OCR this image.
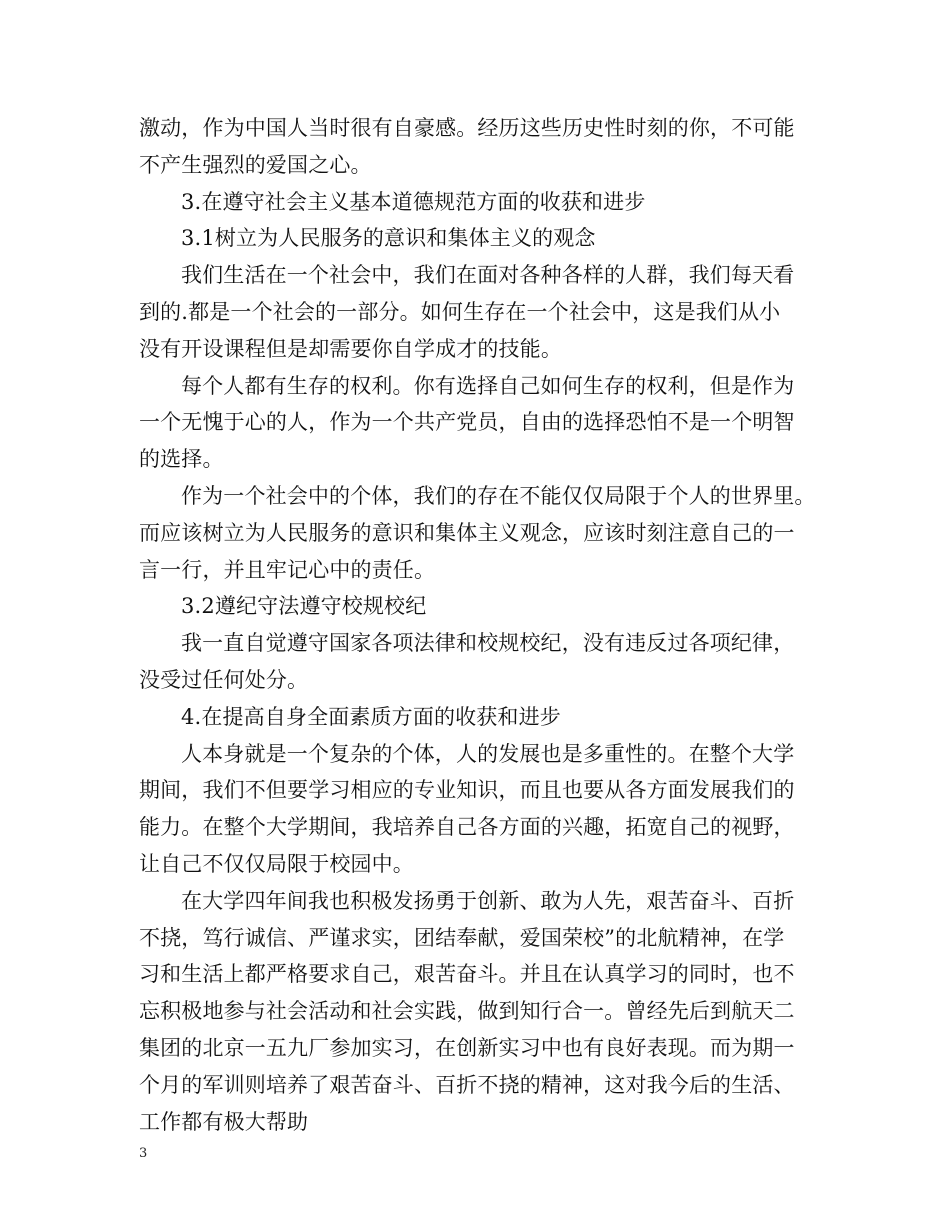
激动，作为中国人当时很有自豪感。经历这些历史性时刻的你，不可能
不产生强烈的爱国之心。
3.在遵守社会主义基本道德规范方面的收获和进步
3.1树立为人民服务的意识和集体主义的观念
我们生活在一个社会中，我们在面对各种各样的人群，我们每天看
到的.都是一个社会的一部分。如何生存在一个社会中，这是我们从小
没有开设课程但是却需要你自学成才的技能。
每个人都有生存的权利。你有选择自己如何生存的权利，但是作为
一个无愧于心的人，作为一个共产党员，自由的选择恐怕不是一个明智
的选择。
作为一个社会中的个体，我们的存在不能仅仅局限于个人的世界里。
而应该树立为人民服务的意识和集体主义观念，应该时刻注意自己的一
言一行，并且牢记心中的责任。
3.2遵纪守法遵守校规校纪
我一直自觉遵守国家各项法律和校规校纪，没有违反过各项纪律，
没受过任何处分。
4.在提高自身全面素质方面的收获和进步
人本身就是一个复杂的个体，人的发展也是多重性的。在整个大学
期间，我们不但要学习相应的专业知识，而且也要从各方面发展我们的
能力。在整个大学期间，我培养自己各方面的兴趣，拓宽自己的视野，
让自己不仅仅局限于校园中。
在大学四年间我也积极发扬勇于创新、敢为人先，艰苦奋斗、百折
不挠，笃行诚信、严谨求实，团结奉献，爱国荣校”的北航精神，在学
习和生活上都严格要求自己，艰苦奋斗。并且在认真学习的同时，也不
忘积极地参与社会活动和社会实践，做到知行合一。曾经先后到航天二
集团的北京一五九厂参加实习，在创新实习中也有良好表现。而为期一
个月的军训则培养了艰苦奋斗、百折不挠的精神，这对我今后的生活、
工作都有极大帮助
3
